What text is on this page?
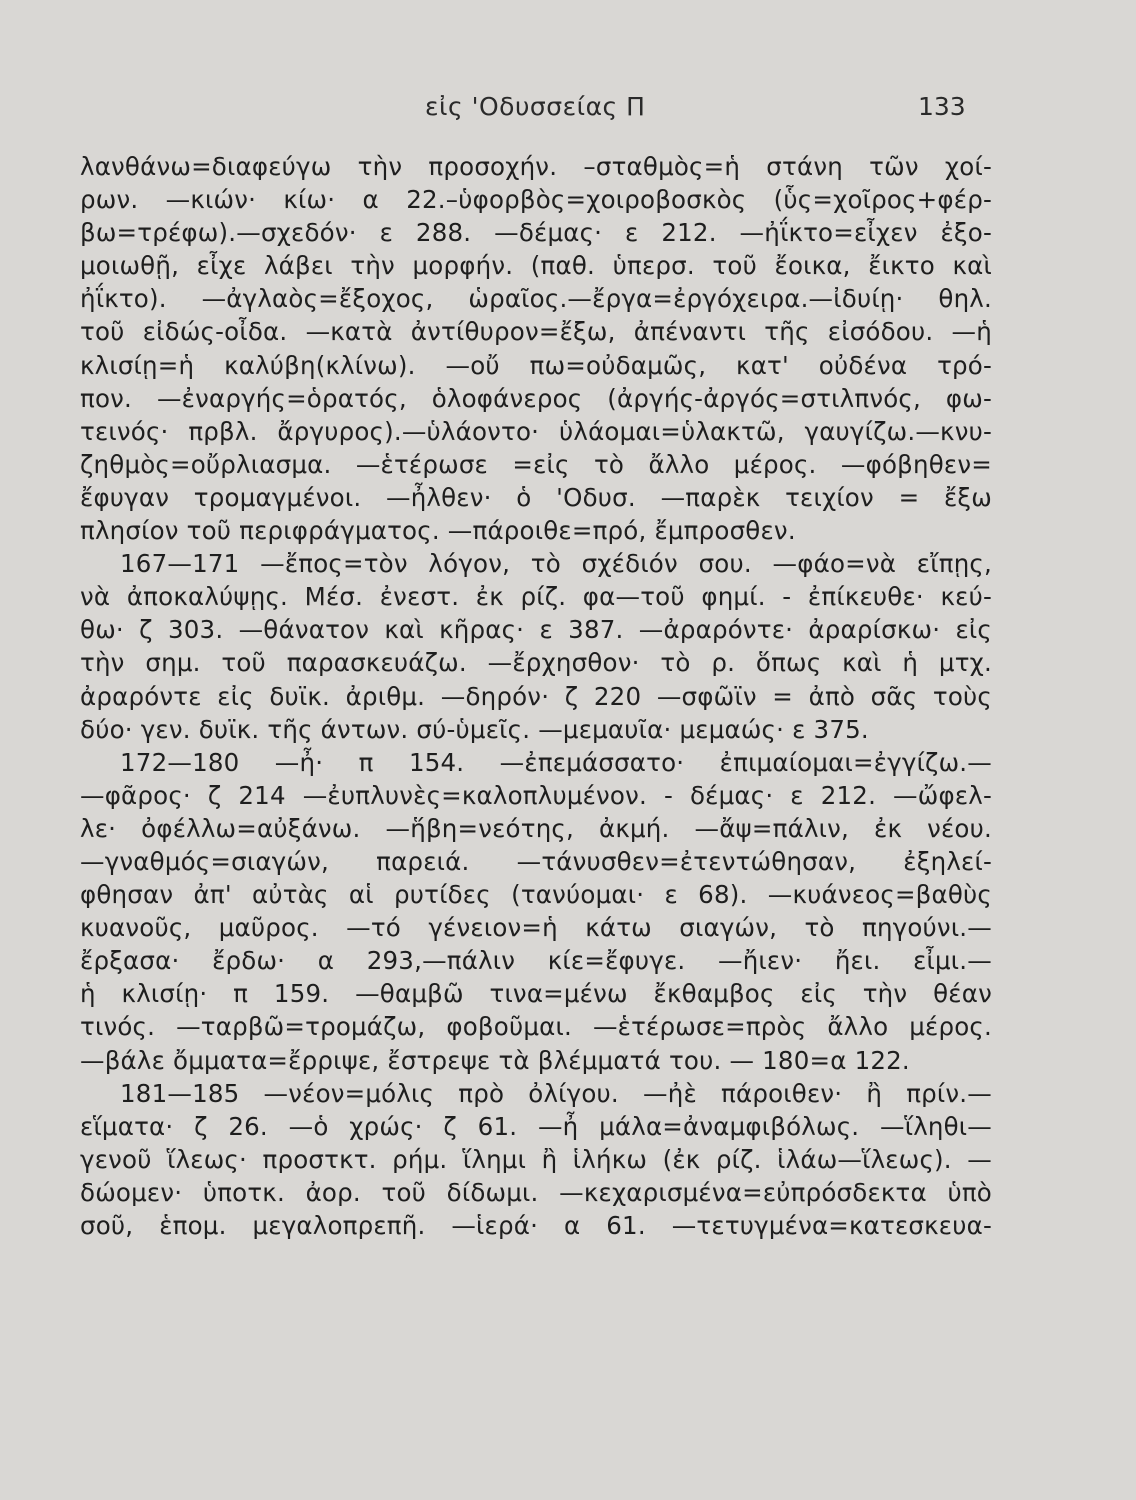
εἰς 'Οδυσσείας Π	133
λανθάνω=διαφεύγω τὴν προσοχήν. –σταθμὸς=ἡ στάνη τῶν χοί-
ρων. —κιών· κίω· α 22.–ὑφορβὸς=χοιροβοσκὸς (ὗς=χοῖρος+φέρ-
βω=τρέφω).—σχεδόν· ε 288. —δέμας· ε 212. —ἠΐκτο=εἶχεν ἐξο-
μοιωθῇ, εἶχε λάβει τὴν μορφήν. (παθ. ὑπερσ. τοῦ ἔοικα, ἔικτο καὶ
ἠΐκτο). —ἀγλαὸς=ἔξοχος, ὡραῖος.—ἔργα=ἐργόχειρα.—ἰδυίῃ· θηλ.
τοῦ εἰδώς-οἶδα. —κατὰ ἀντίθυρον=ἔξω, ἀπέναντι τῆς εἰσόδου. —ἡ
κλισίῃ=ἡ καλύβη(κλίνω). —οὔ πω=οὐδαμῶς, κατ' οὐδένα τρό-
πον. —ἐναργής=ὁρατός, ὁλοφάνερος (ἀργής-ἀργός=στιλπνός, φω-
τεινός· πρβλ. ἄργυρος).—ὑλάοντο· ὑλάομαι=ὑλακτῶ, γαυγίζω.—κνυ-
ζηθμὸς=οὔρλιασμα. —ἑτέρωσε =εἰς τὸ ἄλλο μέρος. —φόβηθεν=
ἔφυγαν τρομαγμένοι. —ἦλθεν· ὁ 'Οδυσ. —παρὲκ τειχίον = ἔξω
πλησίον τοῦ περιφράγματος. —πάροιθε=πρό, ἔμπροσθεν.
167—171 —ἔπος=τὸν λόγον, τὸ σχέδιόν σου. —φάο=νὰ εἴπῃς,
νὰ ἀποκαλύψῃς. Μέσ. ἐνεστ. ἐκ ρίζ. φα—τοῦ φημί. - ἐπίκευθε· κεύ-
θω· ζ 303. —θάνατον καὶ κῆρας· ε 387. —ἀραρόντε· ἀραρίσκω· εἰς
τὴν σημ. τοῦ παρασκευάζω. —ἔρχησθον· τὸ ρ. ὅπως καὶ ἡ μτχ.
ἀραρόντε εἰς δυϊκ. ἀριθμ. —δηρόν· ζ 220 —σφῶϊν = ἀπὸ σᾶς τοὺς
δύο· γεν. δυϊκ. τῆς άντων. σύ-ὑμεῖς. —μεμαυῖα· μεμαώς· ε 375.
172—180 —ἦ· π 154. —ἐπεμάσσατο· ἐπιμαίομαι=ἐγγίζω.—
—φᾶρος· ζ 214 —ἐυπλυνὲς=καλοπλυμένον. - δέμας· ε 212. —ὤφελ-
λε· ὀφέλλω=αὐξάνω. —ἥβη=νεότης, ἀκμή. —ἄψ=πάλιν, ἐκ νέου.
—γναθμός=σιαγών, παρειά. —τάνυσθεν=ἐτεντώθησαν, ἐξηλεί-
φθησαν ἀπ' αὐτὰς αἱ ρυτίδες (τανύομαι· ε 68). —κυάνεος=βαθὺς
κυανοῦς, μαῦρος. —τό γένειον=ἡ κάτω σιαγών, τὸ πηγούνι.—
ἔρξασα· ἔρδω· α 293,—πάλιν κίε=ἔφυγε. —ἤιεν· ἤει. εἶμι.—
ἡ κλισίῃ· π 159. —θαμβῶ τινα=μένω ἔκθαμβος εἰς τὴν θέαν
τινός. —ταρβῶ=τρομάζω, φοβοῦμαι. —ἑτέρωσε=πρὸς ἄλλο μέρος.
—βάλε ὄμματα=ἔρριψε, ἔστρεψε τὰ βλέμματά του. — 180=α 122.
181—185 —νέον=μόλις πρὸ ὀλίγου. —ἠὲ πάροιθεν· ἢ πρίν.—
εἵματα· ζ 26. —ὁ χρώς· ζ 61. —ἦ μάλα=ἀναμφιβόλως. —ἵληθι—
γενοῦ ἵλεως· προστκτ. ρήμ. ἵλημι ἢ ἱλήκω (ἐκ ρίζ. ἱλάω—ἵλεως). —
δώομεν· ὑποτκ. ἀορ. τοῦ δίδωμι. —κεχαρισμένα=εὐπρόσδεκτα ὑπὸ
σοῦ, ἑπομ. μεγαλοπρεπῆ. —ἱερά· α 61. —τετυγμένα=κατεσκευα-
